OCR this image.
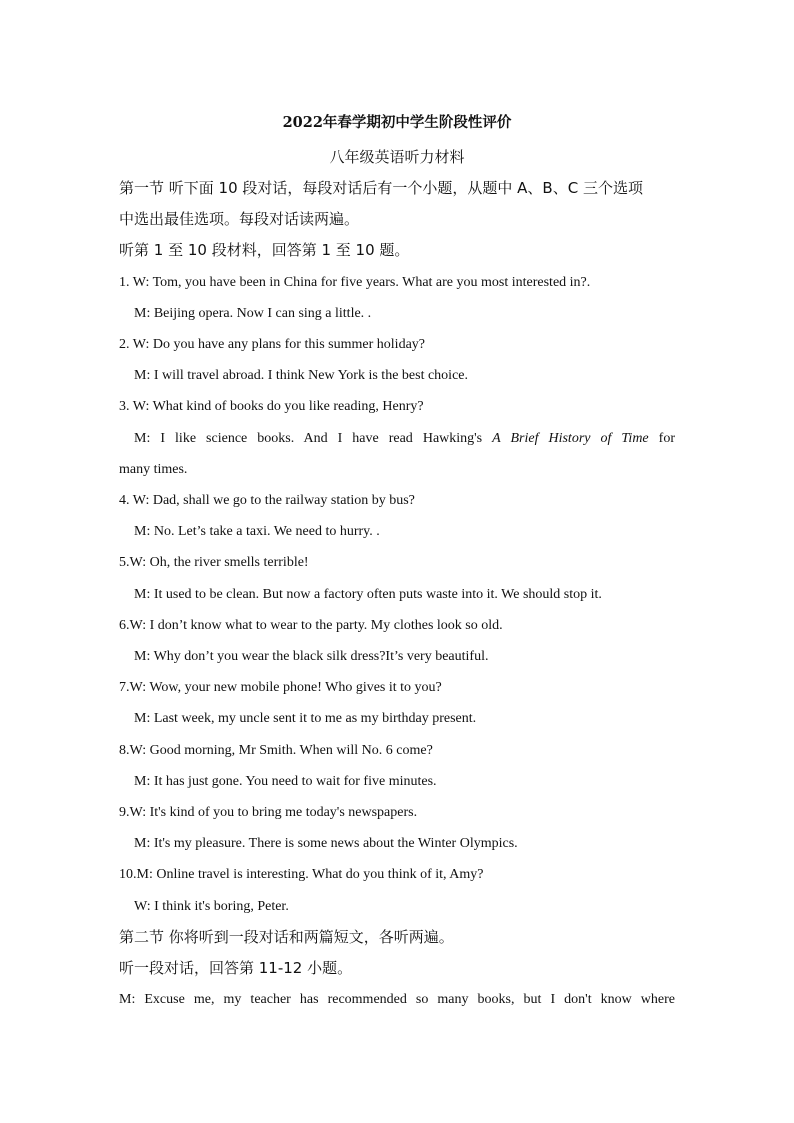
2022年春学期初中学生阶段性评价

八年级英语听力材料

第一节 听下面 10 段对话，每段对话后有一个小题，从题中 A、B、C 三个选项

中选出最佳选项。每段对话读两遍。

听第 1 至 10 段材料，回答第 1 至 10 题。

1. W: Tom, you have been in China for five years. What are you most interested in?.

M: Beijing opera. Now I can sing a little. .

2. W: Do you have any plans for this summer holiday?

M: I will travel abroad. I think New York is the best choice.

3. W: What kind of books do you like reading, Henry?

M: I like science books. And I have read Hawking's A Brief History of Time for

many times.

4. W: Dad, shall we go to the railway station by bus?

M: No. Let’s take a taxi. We need to hurry. .

5.W: Oh, the river smells terrible!

M: It used to be clean. But now a factory often puts waste into it. We should stop it.

6.W: I don’t know what to wear to the party. My clothes look so old.

M: Why don’t you wear the black silk dress?It’s very beautiful.

7.W: Wow, your new mobile phone! Who gives it to you?

M: Last week, my uncle sent it to me as my birthday present.

8.W: Good morning, Mr Smith. When will No. 6 come?

M: It has just gone. You need to wait for five minutes.

9.W: It's kind of you to bring me today's newspapers.

M: It's my pleasure. There is some news about the Winter Olympics.

10.M: Online travel is interesting. What do you think of it, Amy?

W: I think it's boring, Peter.

第二节 你将听到一段对话和两篇短文，各听两遍。

听一段对话，回答第 11-12 小题。

M: Excuse me, my teacher has recommended so many books, but I don't know where
